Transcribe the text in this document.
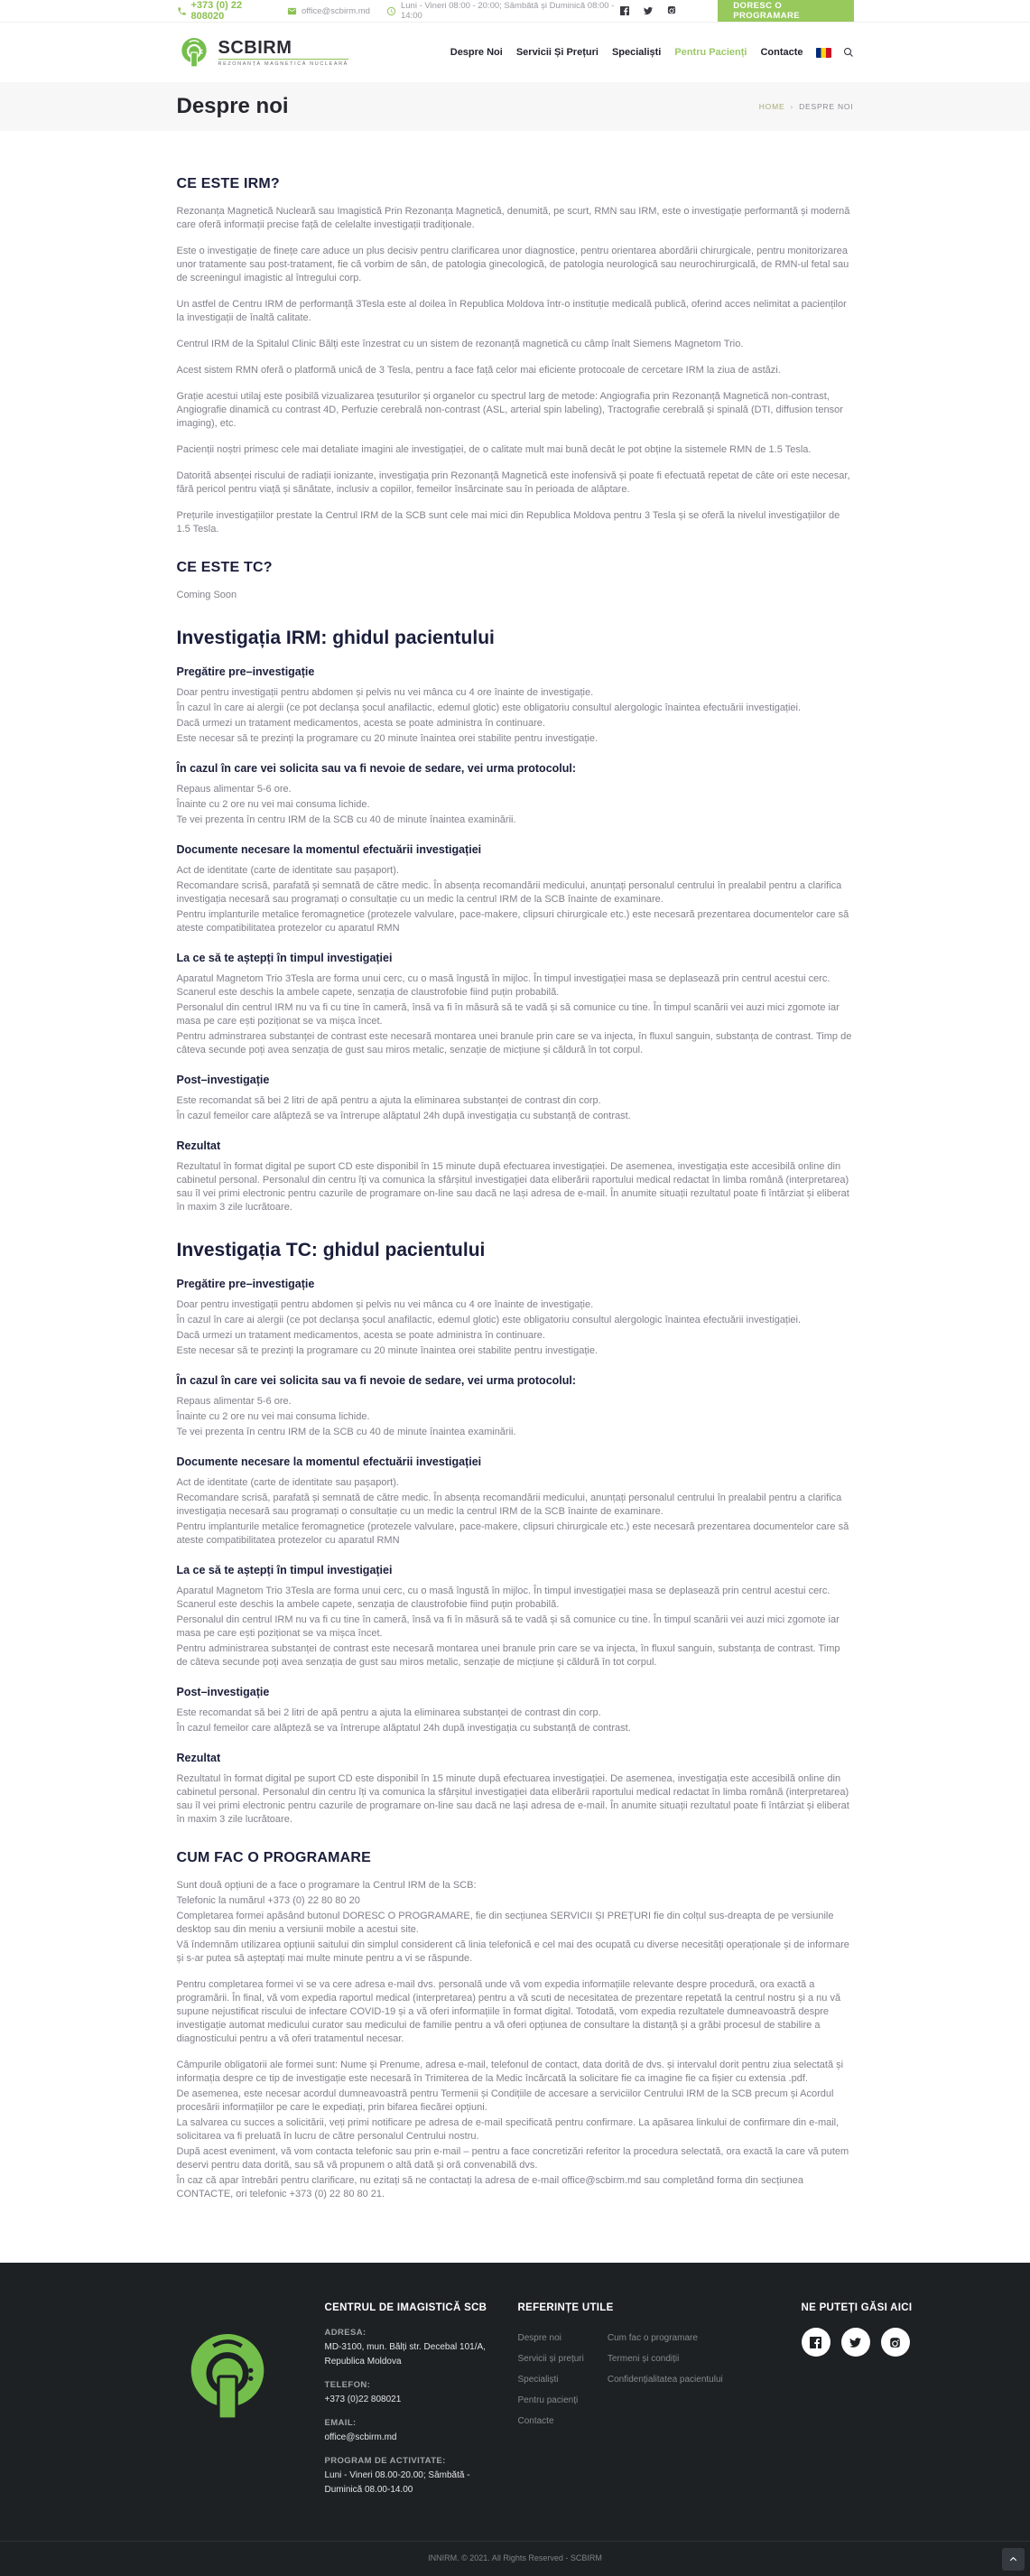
+373 (0) 22 808020	office@scbirm.md	Luni - Vineri 08:00 - 20:00; Sâmbătă și Duminică 08:00 - 14:00
DORESC O PROGRAMARE
SCBIRM
REZONANȚĂ MAGNETICĂ NUCLEARĂ
Despre Noi Servicii Și Prețuri Specialiști Pentru Pacienți Contacte
Despre noi	HOME › DESPRE NOI
CE ESTE IRM?

Rezonanța Magnetică Nucleară sau Imagistică Prin Rezonanța Magnetică, denumită, pe scurt, RMN sau IRM, este o investigație performantă și modernă care oferă informații precise față de celelalte investigații tradiționale.

Este o investigație de finețe care aduce un plus decisiv pentru clarificarea unor diagnostice, pentru orientarea abordării chirurgicale, pentru monitorizarea unor tratamente sau post-tratament, fie că vorbim de sân, de patologia ginecologică, de patologia neurologică sau neurochirurgicală, de RMN-ul fetal sau de screeningul imagistic al întregului corp.

Un astfel de Centru IRM de performanță 3Tesla este al doilea în Republica Moldova într-o instituție medicală publică, oferind acces nelimitat a pacienților la investigații de înaltă calitate.

Centrul IRM de la Spitalul Clinic Bălți este înzestrat cu un sistem de rezonanță magnetică cu câmp înalt Siemens Magnetom Trio.

Acest sistem RMN oferă o platformă unică de 3 Tesla, pentru a face față celor mai eficiente protocoale de cercetare IRM la ziua de astăzi.

Grație acestui utilaj este posibilă vizualizarea țesuturilor și organelor cu spectrul larg de metode: Angiografia prin Rezonanță Magnetică non-contrast, Angiografie dinamică cu contrast 4D, Perfuzie cerebrală non-contrast (ASL, arterial spin labeling), Tractografie cerebrală și spinală (DTI, diffusion tensor imaging), etc.

Pacienții noștri primesc cele mai detaliate imagini ale investigației, de o calitate mult mai bună decât le pot obține la sistemele RMN de 1.5 Tesla.

Datorită absenței riscului de radiații ionizante, investigația prin Rezonanță Magnetică este inofensivă și poate fi efectuată repetat de câte ori este necesar, fără pericol pentru viață și sănătate, inclusiv a copiilor, femeilor însărcinate sau în perioada de alăptare.

Prețurile investigațiilor prestate la Centrul IRM de la SCB sunt cele mai mici din Republica Moldova pentru 3 Tesla și se oferă la nivelul investigațiilor de 1.5 Tesla.

CE ESTE TC?

Coming Soon

Investigația IRM: ghidul pacientului
Pregătire pre–investigație

Doar pentru investigații pentru abdomen și pelvis nu vei mânca cu 4 ore înainte de investigație.

În cazul în care ai alergii (ce pot declanșa șocul anafilactic, edemul glotic) este obligatoriu consultul alergologic înaintea efectuării investigației.

Dacă urmezi un tratament medicamentos, acesta se poate administra în continuare.

Este necesar să te prezinți la programare cu 20 minute înaintea orei stabilite pentru investigație.

În cazul în care vei solicita sau va fi nevoie de sedare, vei urma protocolul:

Repaus alimentar 5-6 ore.

Înainte cu 2 ore nu vei mai consuma lichide.

Te vei prezenta în centru IRM de la SCB cu 40 de minute înaintea examinării.

Documente necesare la momentul efectuării investigației

Act de identitate (carte de identitate sau pașaport).

Recomandare scrisă, parafată și semnată de către medic. În absența recomandării medicului, anunțați personalul centrului în prealabil pentru a clarifica investigația necesară sau programați o consultație cu un medic la centrul IRM de la SCB înainte de examinare.

Pentru implanturile metalice feromagnetice (protezele valvulare, pace-makere, clipsuri chirurgicale etc.) este necesară prezentarea documentelor care să ateste compatibilitatea protezelor cu aparatul RMN

La ce să te aștepți în timpul investigației

Aparatul Magnetom Trio 3Tesla are forma unui cerc, cu o masă îngustă în mijloc. În timpul investigației masa se deplasează prin centrul acestui cerc. Scanerul este deschis la ambele capete, senzația de claustrofobie fiind puțin probabilă.

Personalul din centrul IRM nu va fi cu tine în cameră, însă va fi în măsură să te vadă și să comunice cu tine. În timpul scanării vei auzi mici zgomote iar masa pe care ești poziționat se va mișca încet.

Pentru adminstrarea substanței de contrast este necesară montarea unei branule prin care se va injecta, în fluxul sanguin, substanța de contrast. Timp de câteva secunde poți avea senzația de gust sau miros metalic, senzație de micțiune și căldură în tot corpul.

Post–investigație

Este recomandat să bei 2 litri de apă pentru a ajuta la eliminarea substanței de contrast din corp.

În cazul femeilor care alăpteză se va întrerupe alăptatul 24h după investigația cu substanță de contrast.

Rezultat

Rezultatul în format digital pe suport CD este disponibil în 15 minute după efectuarea investigației. De asemenea, investigația este accesibilă online din cabinetul personal. Personalul din centru îți va comunica la sfârșitul investigației data eliberării raportului medical redactat în limba română (interpretarea) sau îl vei primi electronic pentru cazurile de programare on-line sau dacă ne lași adresa de e-mail. În anumite situații rezultatul poate fi întârziat și eliberat în maxim 3 zile lucrătoare.

Investigația TC: ghidul pacientului
Pregătire pre–investigație

Doar pentru investigații pentru abdomen și pelvis nu vei mânca cu 4 ore înainte de investigație.

În cazul în care ai alergii (ce pot declanșa șocul anafilactic, edemul glotic) este obligatoriu consultul alergologic înaintea efectuării investigației.

Dacă urmezi un tratament medicamentos, acesta se poate administra în continuare.

Este necesar să te prezinți la programare cu 20 minute înaintea orei stabilite pentru investigație.

În cazul în care vei solicita sau va fi nevoie de sedare, vei urma protocolul:

Repaus alimentar 5-6 ore.

Înainte cu 2 ore nu vei mai consuma lichide.

Te vei prezenta în centru IRM de la SCB cu 40 de minute înaintea examinării.

Documente necesare la momentul efectuării investigației

Act de identitate (carte de identitate sau pașaport).

Recomandare scrisă, parafată și semnată de către medic. În absența recomandării medicului, anunțați personalul centrului în prealabil pentru a clarifica investigația necesară sau programați o consultație cu un medic la centrul IRM de la SCB înainte de examinare.

Pentru implanturile metalice feromagnetice (protezele valvulare, pace-makere, clipsuri chirurgicale etc.) este necesară prezentarea documentelor care să ateste compatibilitatea protezelor cu aparatul RMN

La ce să te aștepți în timpul investigației

Aparatul Magnetom Trio 3Tesla are forma unui cerc, cu o masă îngustă în mijloc. În timpul investigației masa se deplasează prin centrul acestui cerc. Scanerul este deschis la ambele capete, senzația de claustrofobie fiind puțin probabilă.

Personalul din centrul IRM nu va fi cu tine în cameră, însă va fi în măsură să te vadă și să comunice cu tine. În timpul scanării vei auzi mici zgomote iar masa pe care ești poziționat se va mișca încet.

Pentru administrarea substanței de contrast este necesară montarea unei branule prin care se va injecta, în fluxul sanguin, substanța de contrast. Timp de câteva secunde poți avea senzația de gust sau miros metalic, senzație de micțiune și căldură în tot corpul.

Post–investigație

Este recomandat să bei 2 litri de apă pentru a ajuta la eliminarea substanței de contrast din corp.

În cazul femeilor care alăpteză se va întrerupe alăptatul 24h după investigația cu substanță de contrast.

Rezultat

Rezultatul în format digital pe suport CD este disponibil în 15 minute după efectuarea investigației. De asemenea, investigația este accesibilă online din cabinetul personal. Personalul din centru îți va comunica la sfârșitul investigației data eliberării raportului medical redactat în limba română (interpretarea) sau îl vei primi electronic pentru cazurile de programare on-line sau dacă ne lași adresa de e-mail. În anumite situații rezultatul poate fi întârziat și eliberat în maxim 3 zile lucrătoare.

CUM FAC O PROGRAMARE

Sunt două opțiuni de a face o programare la Centrul IRM de la SCB:

Telefonic la numărul +373 (0) 22 80 80 20

Completarea formei apăsând butonul DORESC O PROGRAMARE, fie din secțiunea SERVICII ȘI PREȚURI fie din colțul sus-dreapta de pe versiunile desktop sau din meniu a versiunii mobile a acestui site.

Vă îndemnăm utilizarea opțiunii saitului din simplul considerent că linia telefonică e cel mai des ocupată cu diverse necesități operaționale și de informare și s-ar putea să așteptați mai multe minute pentru a vi se răspunde.

Pentru completarea formei vi se va cere adresa e-mail dvs. personală unde vă vom expedia informațiile relevante despre procedură, ora exactă a programării. În final, vă vom expedia raportul medical (interpretarea) pentru a vă scuti de necesitatea de prezentare repetată la centrul nostru și a nu vă supune nejustificat riscului de infectare COVID-19 și a vă oferi informațiile în format digital. Totodată, vom expedia rezultatele dumneavoastră despre investigație automat medicului curator sau medicului de familie pentru a vă oferi opțiunea de consultare la distanță și a grăbi procesul de stabilire a diagnosticului pentru a vă oferi tratamentul necesar.

Câmpurile obligatorii ale formei sunt: Nume și Prenume, adresa e-mail, telefonul de contact, data dorită de dvs. și intervalul dorit pentru ziua selectată și informația despre ce tip de investigație este necesară în Trimiterea de la Medic încărcată la solicitare fie ca imagine fie ca fișier cu extensia .pdf.

De asemenea, este necesar acordul dumneavoastră pentru Termenii și Condițiile de accesare a serviciilor Centrului IRM de la SCB precum și Acordul procesării informațiilor pe care le expediați, prin bifarea fiecărei opțiuni.

La salvarea cu succes a solicitării, veți primi notificare pe adresa de e-mail specificată pentru confirmare. La apăsarea linkului de confirmare din e-mail, solicitarea va fi preluată în lucru de către personalul Centrului nostru.

După acest eveniment, vă vom contacta telefonic sau prin e-mail – pentru a face concretizări referitor la procedura selectată, ora exactă la care vă putem deservi pentru data dorită, sau să vă propunem o altă dată și oră convenabilă dvs.

În caz că apar întrebări pentru clarificare, nu ezitați să ne contactați la adresa de e-mail office@scbirm.md sau completând forma din secțiunea CONTACTE, ori telefonic +373 (0) 22 80 80 21.

CENTRUL DE IMAGISTICĂ SCB
ADRESA:
MD-3100, mun. Bălți str. Decebal 101/A, Republica Moldova
TELEFON:
+373 (0)22 808021
EMAIL:
office@scbirm.md
PROGRAM DE ACTIVITATE:
Luni - Vineri 08.00-20.00; Sâmbătă - Duminică 08.00-14.00
REFERINȚE UTILE
Despre noi
Servicii și prețuri
Specialiști
Pentru pacienți
Contacte
Cum fac o programare
Termeni și condiții
Confidențialitatea pacientului
NE PUTEȚI GĂSI AICI
INNIRM. © 2021. All Rights Reserved - SCBIRM
